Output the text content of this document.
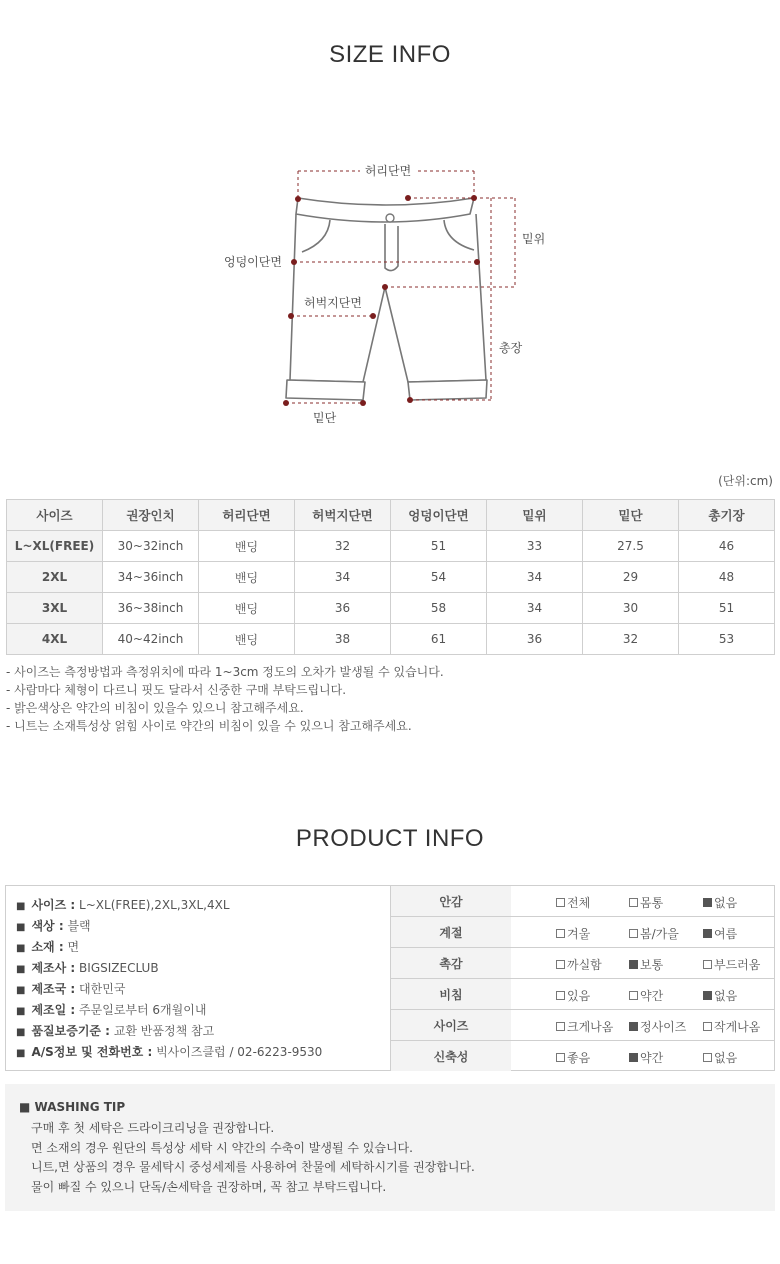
SIZE INFO
허리단면
밑위
엉덩이단면
허벅지단면
총장
밑단
(단위:cm)
사이즈	권장인치	허리단면	허벅지단면	엉덩이단면	밑위	밑단	총기장
L~XL(FREE)	30~32inch	밴딩	32	51	33	27.5	46
2XL	34~36inch	밴딩	34	54	34	29	48
3XL	36~38inch	밴딩	36	58	34	30	51
4XL	40~42inch	밴딩	38	61	36	32	53
- 사이즈는 측정방법과 측정위치에 따라 1~3cm 정도의 오차가 발생될 수 있습니다.
- 사람마다 체형이 다르니 핏도 달라서 신중한 구매 부탁드립니다.
- 밝은색상은 약간의 비침이 있을수 있으니 참고해주세요.
- 니트는 소재특성상 얽힘 사이로 약간의 비침이 있을 수 있으니 참고해주세요.
PRODUCT INFO
■ 사이즈 : L~XL(FREE),2XL,3XL,4XL
■ 색상 : 블랙
■ 소재 : 면
■ 제조사 : BIGSIZECLUB
■ 제조국 : 대한민국
■ 제조일 : 주문일로부터 6개월이내
■ 품질보증기준 : 교환 반품정책 참고
■ A/S정보 및 전화번호 : 빅사이즈클럽 / 02-6223-9530
안감	전체 몸통 없음

계절	겨울 봄/가을 여름

촉감	까실함 보통 부드러움

비침	있음 약간 없음

사이즈	크게나옴 정사이즈 작게나옴

신축성	좋음 약간 없음
■ WASHING TIP
구매 후 첫 세탁은 드라이크리닝을 권장합니다.
면 소재의 경우 원단의 특성상 세탁 시 약간의 수축이 발생될 수 있습니다.
니트,면 상품의 경우 물세탁시 중성세제를 사용하여 찬물에 세탁하시기를 권장합니다.
물이 빠질 수 있으니 단독/손세탁을 권장하며, 꼭 참고 부탁드립니다.
